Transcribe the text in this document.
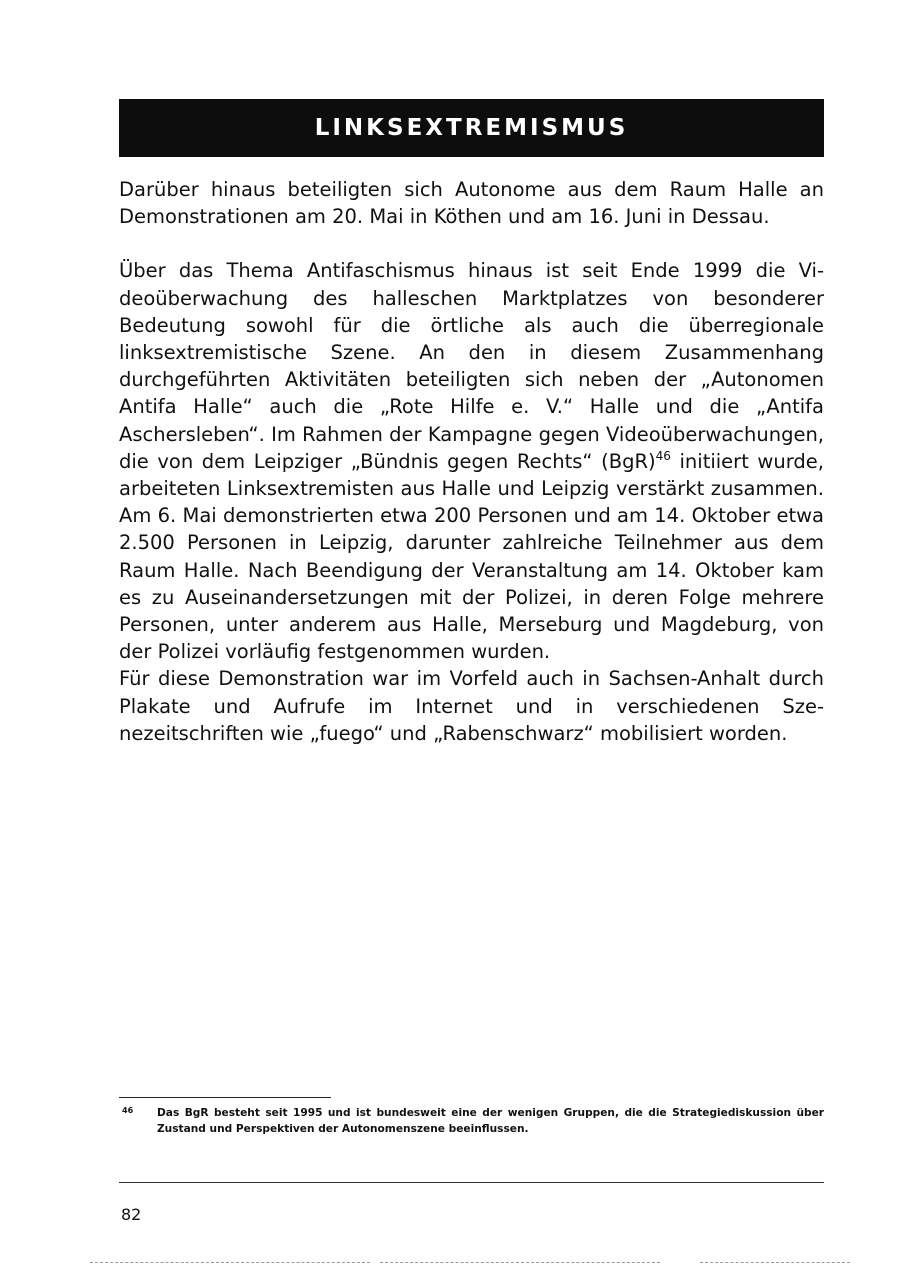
LINKSEXTREMISMUS

Darüber hinaus beteiligten sich Autonome aus dem Raum Halle an Demonstrationen am 20. Mai in Köthen und am 16. Juni in Dessau.

Über das Thema Antifaschismus hinaus ist seit Ende 1999 die Videoüberwachung des halleschen Marktplatzes von besonderer Bedeutung sowohl für die örtliche als auch die überregionale linksextremistische Szene. An den in diesem Zusammenhang durchgeführten Aktivitäten beteiligten sich neben der „Autonomen Antifa Halle“ auch die „Rote Hilfe e. V.“ Halle und die „Antifa Aschersleben“. Im Rahmen der Kampagne gegen Videoüberwachungen, die von dem Leipziger „Bündnis gegen Rechts“ (BgR)$^{46}$ initiiert wurde, arbeiteten Linksextremisten aus Halle und Leipzig verstärkt zusammen. Am 6. Mai demonstrierten etwa 200 Personen und am 14. Oktober etwa 2.500 Personen in Leipzig, darunter zahlreiche Teilnehmer aus dem Raum Halle. Nach Beendigung der Veranstaltung am 14. Oktober kam es zu Auseinandersetzungen mit der Polizei, in deren Folge mehrere Personen, unter anderem aus Halle, Merseburg und Magdeburg, von der Polizei vorläufig festgenommen wurden.

Für diese Demonstration war im Vorfeld auch in Sachsen-Anhalt durch Plakate und Aufrufe im Internet und in verschiedenen Szenezeitschriften wie „fuego“ und „Rabenschwarz“ mobilisiert worden.

46 Das BgR besteht seit 1995 und ist bundesweit eine der wenigen Gruppen, die die Strategiediskussion über Zustand und Perspektiven der Autonomenszene beeinflussen.
82
